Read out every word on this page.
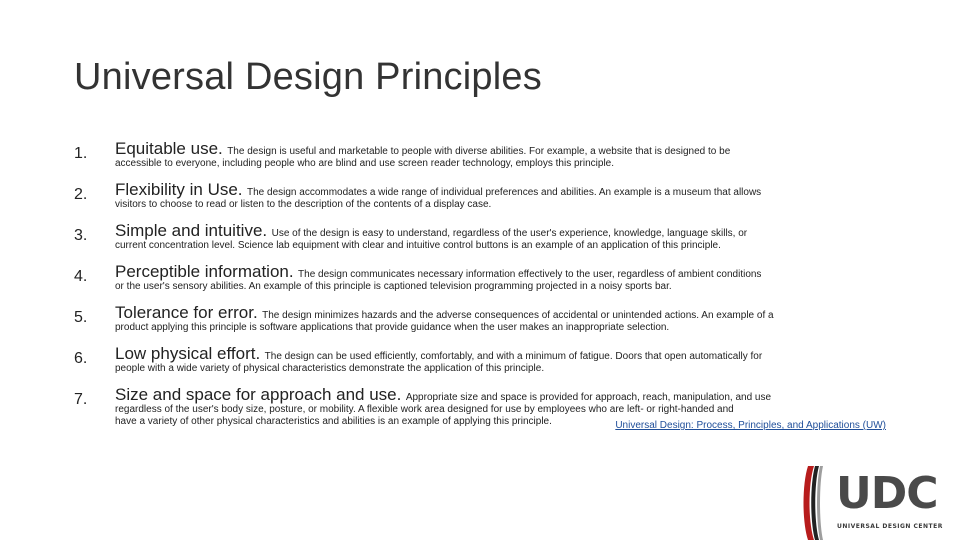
Universal Design Principles
1. Equitable use. The design is useful and marketable to people with diverse abilities. For example, a website that is designed to be
accessible to everyone, including people who are blind and use screen reader technology, employs this principle.
2. Flexibility in Use. The design accommodates a wide range of individual preferences and abilities. An example is a museum that allows
visitors to choose to read or listen to the description of the contents of a display case.
3. Simple and intuitive. Use of the design is easy to understand, regardless of the user's experience, knowledge, language skills, or
current concentration level. Science lab equipment with clear and intuitive control buttons is an example of an application of this principle.
4. Perceptible information. The design communicates necessary information effectively to the user, regardless of ambient conditions
or the user's sensory abilities. An example of this principle is captioned television programming projected in a noisy sports bar.
5. Tolerance for error. The design minimizes hazards and the adverse consequences of accidental or unintended actions. An example of a
product applying this principle is software applications that provide guidance when the user makes an inappropriate selection.
6. Low physical effort. The design can be used efficiently, comfortably, and with a minimum of fatigue. Doors that open automatically for
people with a wide variety of physical characteristics demonstrate the application of this principle.
7. Size and space for approach and use. Appropriate size and space is provided for approach, reach, manipulation, and use
regardless of the user's body size, posture, or mobility. A flexible work area designed for use by employees who are left- or right-handed and
have a variety of other physical characteristics and abilities is an example of applying this principle.	Universal Design: Process, Principles, and Applications (UW)
UDC
UNIVERSAL DESIGN CENTER
